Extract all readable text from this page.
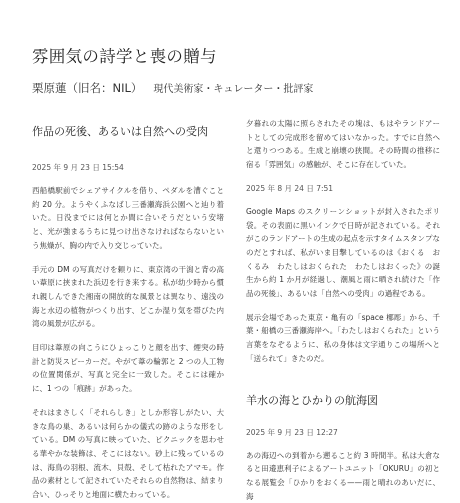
雰囲気の詩学と喪の贈与
栗原蓮（旧名：NIL） 現代美術家・キュレーター・批評家
作品の死後、あるいは自然への受肉
2025 年 9 月 23 日 15:54

西船橋駅前でシェアサイクルを借り、ペダルを漕ぐこと約 20 分。ようやくふなばし三番瀬海浜公園へと辿り着いた。日没までには何とか間に合いそうだという安堵と、光が強まるうちに見つけ出さなければならないという焦燥が、胸の内で入り交じっていた。

手元の DM の写真だけを頼りに、東京湾の干潟と背の高い葦原に挟まれた浜辺を行き来する。私が幼少時から慣れ親しんできた湘南の開放的な風景とは異なり、遠浅の海と水辺の植物がつくり出す、どこか湿り気を帯びた内湾の風景が広がる。

目印は葦原の向こうにひょっこりと顔を出す、煙突の時計と防災スピーカーだ。やがて葦の輪郭と 2 つの人工物の位置関係が、写真と完全に一致した。そこには確かに、1 つの「痕跡」があった。

それはまさしく「それらしき」としか形容しがたい、大きな鳥の巣、あるいは何らかの儀式の跡のような形をしている。DM の写真に映っていた、ピクニックを思わせる華やかな装飾は、そこにはない。砂上に残っているのは、海鳥の羽根、流木、貝殻、そして枯れたアマモ。作品の素材として記されていたそれらの自然物は、結まり合い、ひっそりと地面に横たわっている。

夕暮れの太陽に照らされたその塊は、もはやランドアートとしての完成形を留めてはいなかった。すでに自然へと還りつつある。生成と崩壊の狭間。その時間の推移に宿る「雰囲気」の感触が、そこに存在していた。

2025 年 8 月 24 日 7:51

Google Maps のスクリーンショットが封入されたポリ袋。その表面に黒いインクで日時が記されている。それがこのランドアートの生成の起点を示すタイムスタンプなのだとすれば、私がいま目撃しているのは《おくる　おくるみ　わたしはおくられた　わたしはおくった》の誕生から約 1 か月が経過し、潮風と雨に晒され続けた「作品の死後」、あるいは「自然への受肉」の過程である。

展示会場であった東京・亀有の「space 梛彫」から、千葉・船橋の三番瀬海岸へ。「わたしはおくられた」という言葉をなぞるように、私の身体は文字通りこの場所へと「送られて」きたのだ。

羊水の海とひかりの航海図
2025 年 9 月 23 日 12:27

あの海辺への到着から遡ること約 3 時間半。私は大倉なると田邉恵利子によるアートユニット「OKURU」の初となる展覧会「ひかりをおくる——雨と晴れのあいだに、海
